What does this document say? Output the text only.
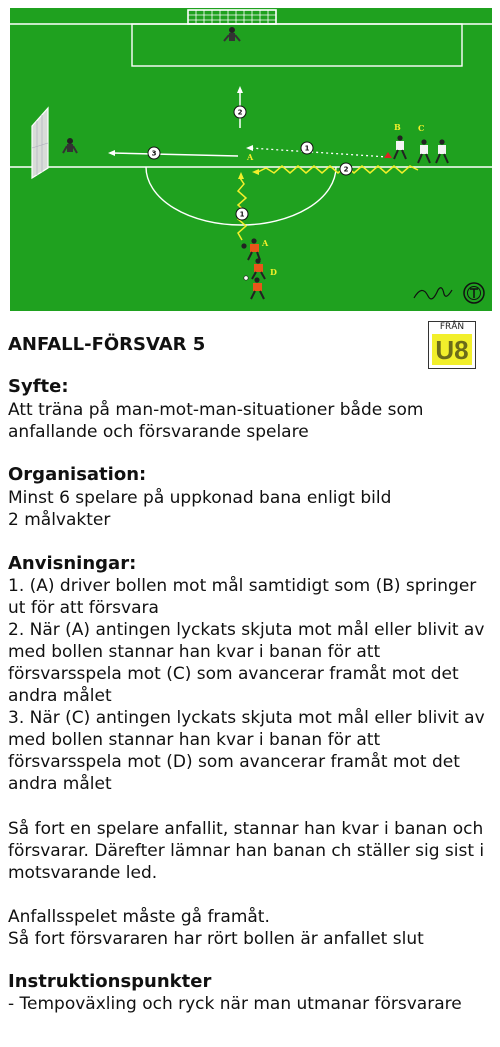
3
2
1
2
1
A
B C
A
D
ANFALL-FÖRSVAR 5
FRÅN
U8
Syfte:
Att träna på man-mot-man-situationer både som anfallande och försvarande spelare
Organisation:
Minst 6 spelare på uppkonad bana enligt bild
2 målvakter
Anvisningar:
1. (A) driver bollen mot mål samtidigt som (B) springer ut för att försvara
2. När (A) antingen lyckats skjuta mot mål eller blivit av med bollen stannar han kvar i banan för att försvarsspela mot (C) som avancerar framåt mot det andra målet
3. När (C) antingen lyckats skjuta mot mål eller blivit av med bollen stannar han kvar i banan för att försvarsspela mot (D) som avancerar framåt mot det andra målet
Så fort en spelare anfallit, stannar han kvar i banan och försvarar. Därefter lämnar han banan ch ställer sig sist i motsvarande led.
Anfallsspelet måste gå framåt.
Så fort försvararen har rört bollen är anfallet slut
Instruktionspunkter
- Tempoväxling och ryck när man utmanar försvarare
